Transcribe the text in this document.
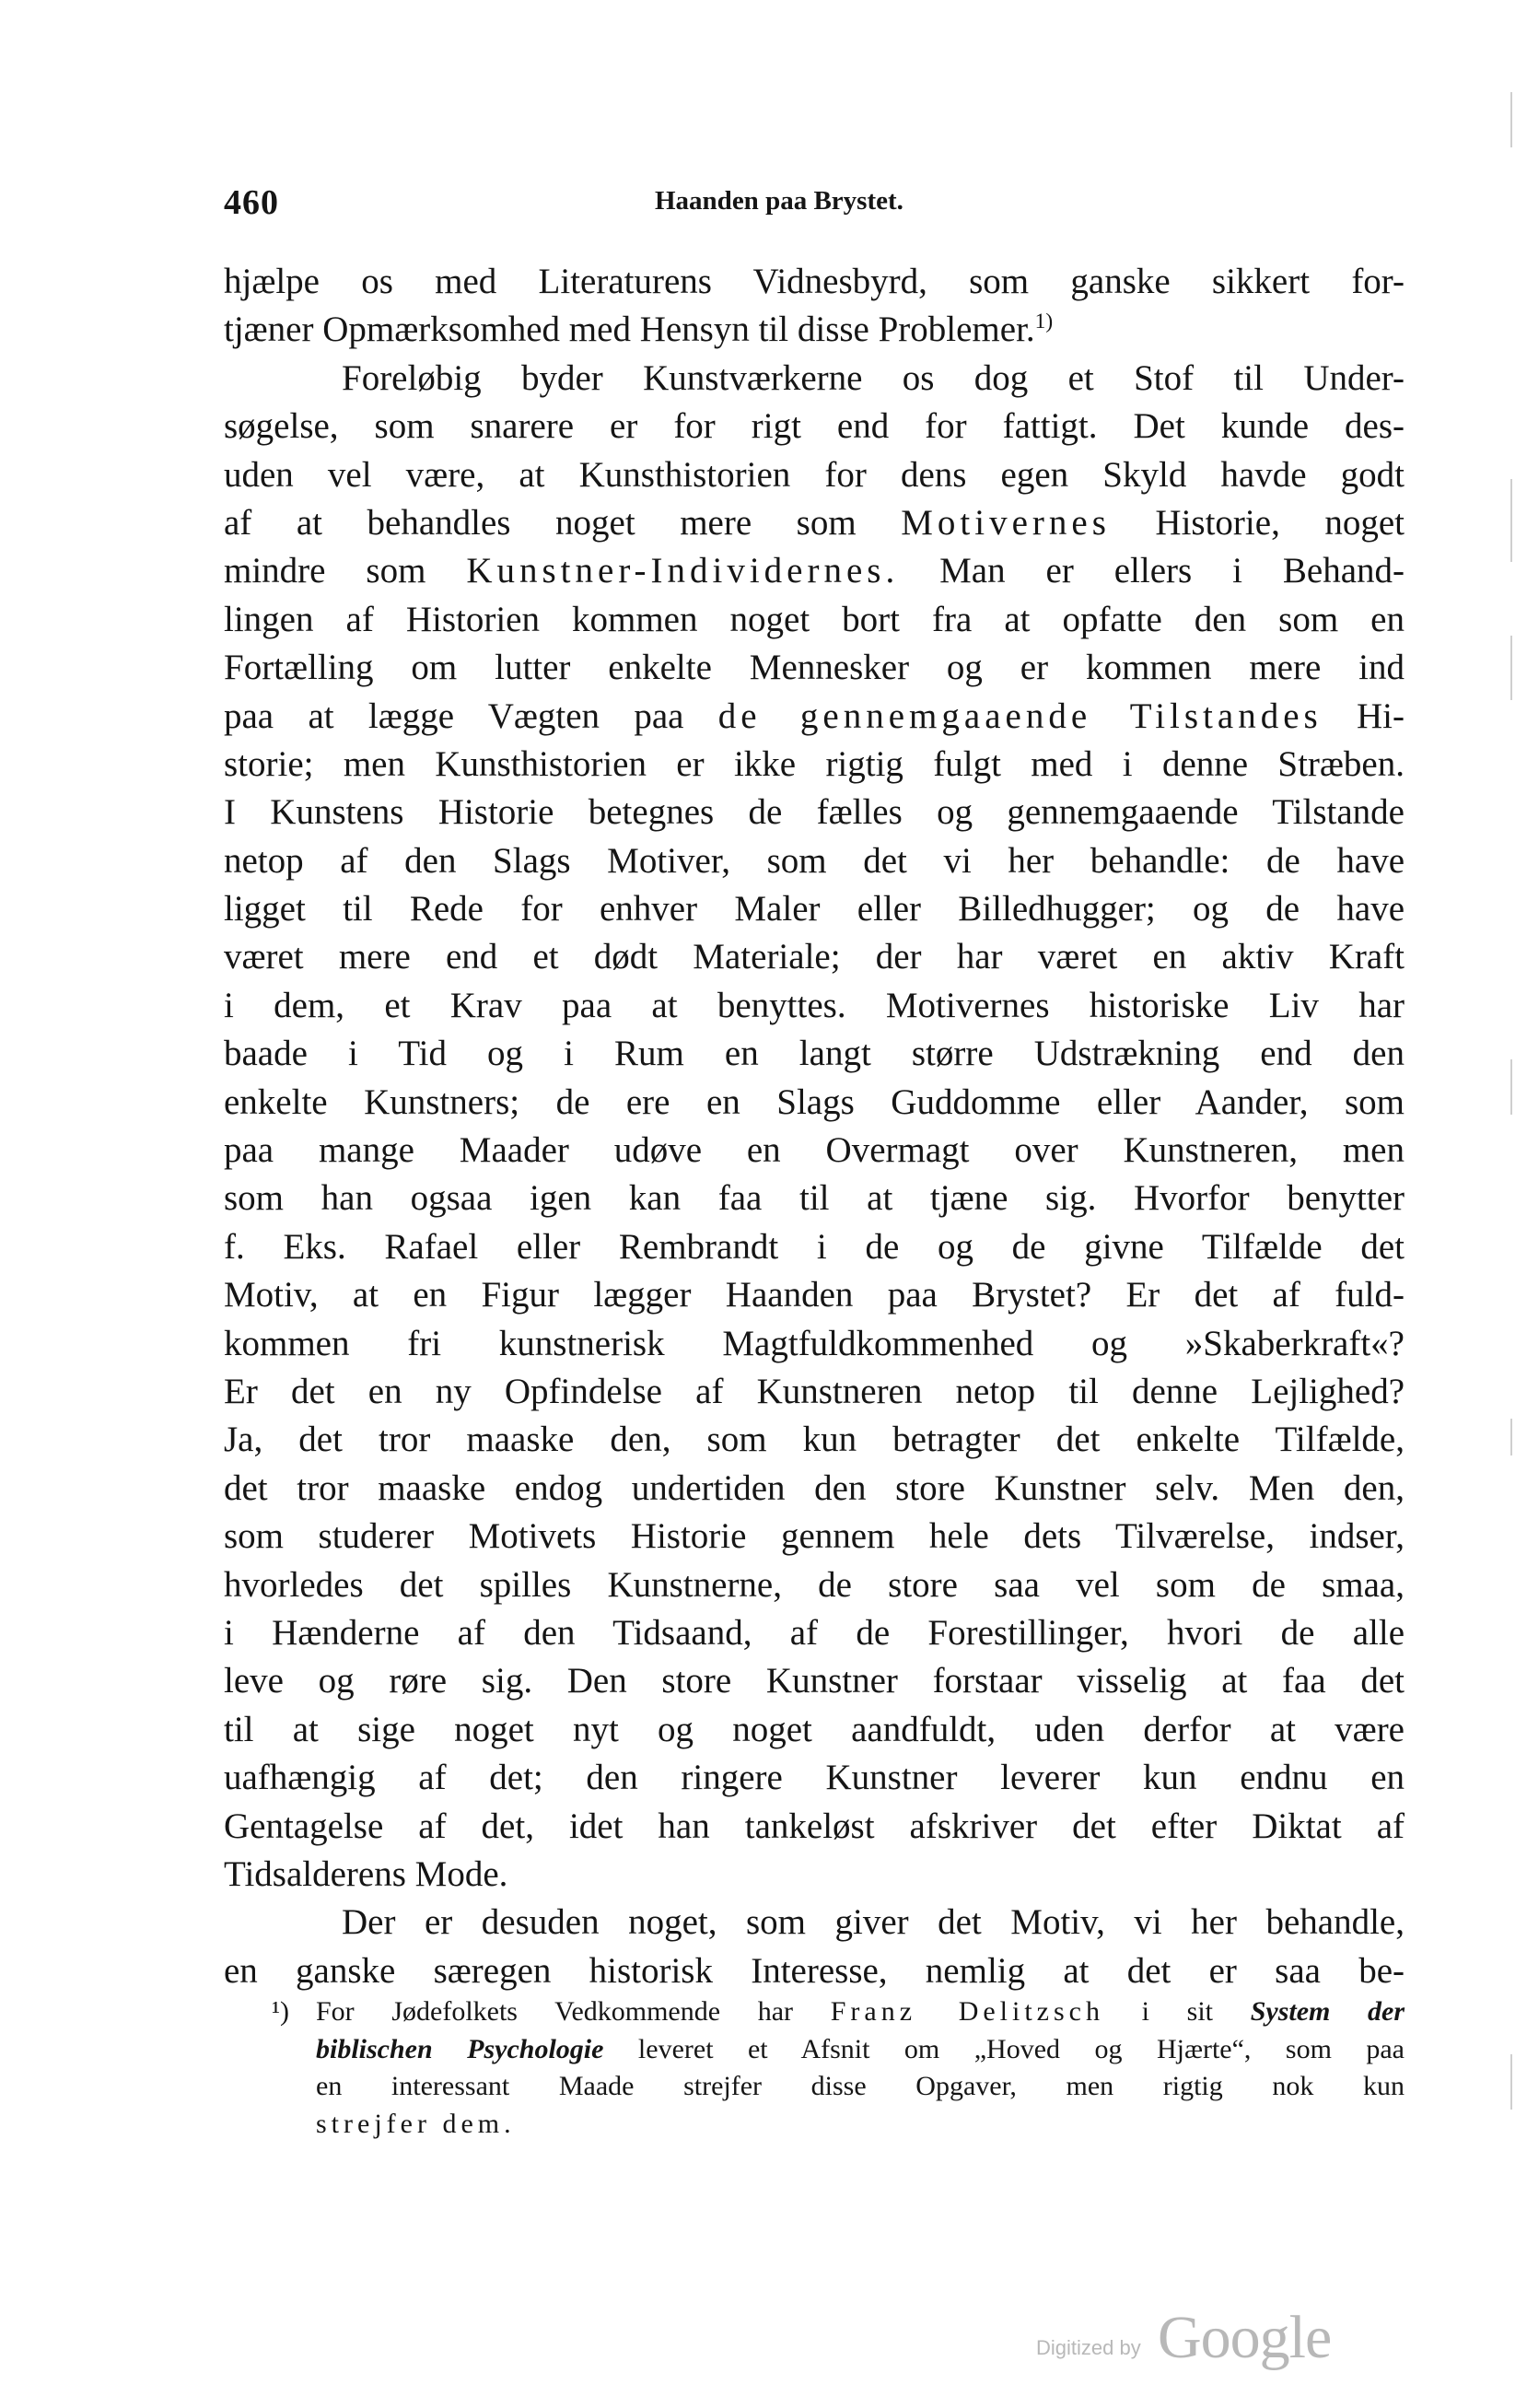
460	Haanden paa Brystet.
hjælpe os med Literaturens Vidnesbyrd, som ganske sikkert for-
tjæner Opmærksomhed med Hensyn til disse Problemer.$^{1)}$
Foreløbig byder Kunstværkerne os dog et Stof til Under-
søgelse, som snarere er for rigt end for fattigt. Det kunde des-
uden vel være, at Kunsthistorien for dens egen Skyld havde godt
af at behandles noget mere som Motivernes Historie, noget
mindre som Kunstner-Individernes. Man er ellers i Behand-
lingen af Historien kommen noget bort fra at opfatte den som en
Fortælling om lutter enkelte Mennesker og er kommen mere ind
paa at lægge Vægten paa de gennemgaaende Tilstandes Hi-
storie; men Kunsthistorien er ikke rigtig fulgt med i denne Stræben.
I Kunstens Historie betegnes de fælles og gennemgaaende Tilstande
netop af den Slags Motiver, som det vi her behandle: de have
ligget til Rede for enhver Maler eller Billedhugger; og de have
været mere end et dødt Materiale; der har været en aktiv Kraft
i dem, et Krav paa at benyttes. Motivernes historiske Liv har
baade i Tid og i Rum en langt større Udstrækning end den
enkelte Kunstners; de ere en Slags Guddomme eller Aander, som
paa mange Maader udøve en Overmagt over Kunstneren, men
som han ogsaa igen kan faa til at tjæne sig. Hvorfor benytter
f. Eks. Rafael eller Rembrandt i de og de givne Tilfælde det
Motiv, at en Figur lægger Haanden paa Brystet? Er det af fuld-
kommen fri kunstnerisk Magtfuldkommenhed og »Skaberkraft«?
Er det en ny Opfindelse af Kunstneren netop til denne Lejlighed?
Ja, det tror maaske den, som kun betragter det enkelte Tilfælde,
det tror maaske endog undertiden den store Kunstner selv. Men den,
som studerer Motivets Historie gennem hele dets Tilværelse, indser,
hvorledes det spilles Kunstnerne, de store saa vel som de smaa,
i Hænderne af den Tidsaand, af de Forestillinger, hvori de alle
leve og røre sig. Den store Kunstner forstaar visselig at faa det
til at sige noget nyt og noget aandfuldt, uden derfor at være
uafhængig af det; den ringere Kunstner leverer kun endnu en
Gentagelse af det, idet han tankeløst afskriver det efter Diktat af
Tidsalderens Mode.
Der er desuden noget, som giver det Motiv, vi her behandle,
en ganske særegen historisk Interesse, nemlig at det er saa be-
¹) For Jødefolkets Vedkommende har Franz Delitzsch i sit System der
biblischen Psychologie leveret et Afsnit om „Hoved og Hjærte“, som paa
en interessant Maade strejfer disse Opgaver, men rigtig nok kun
strejfer dem.
Digitized by Google
